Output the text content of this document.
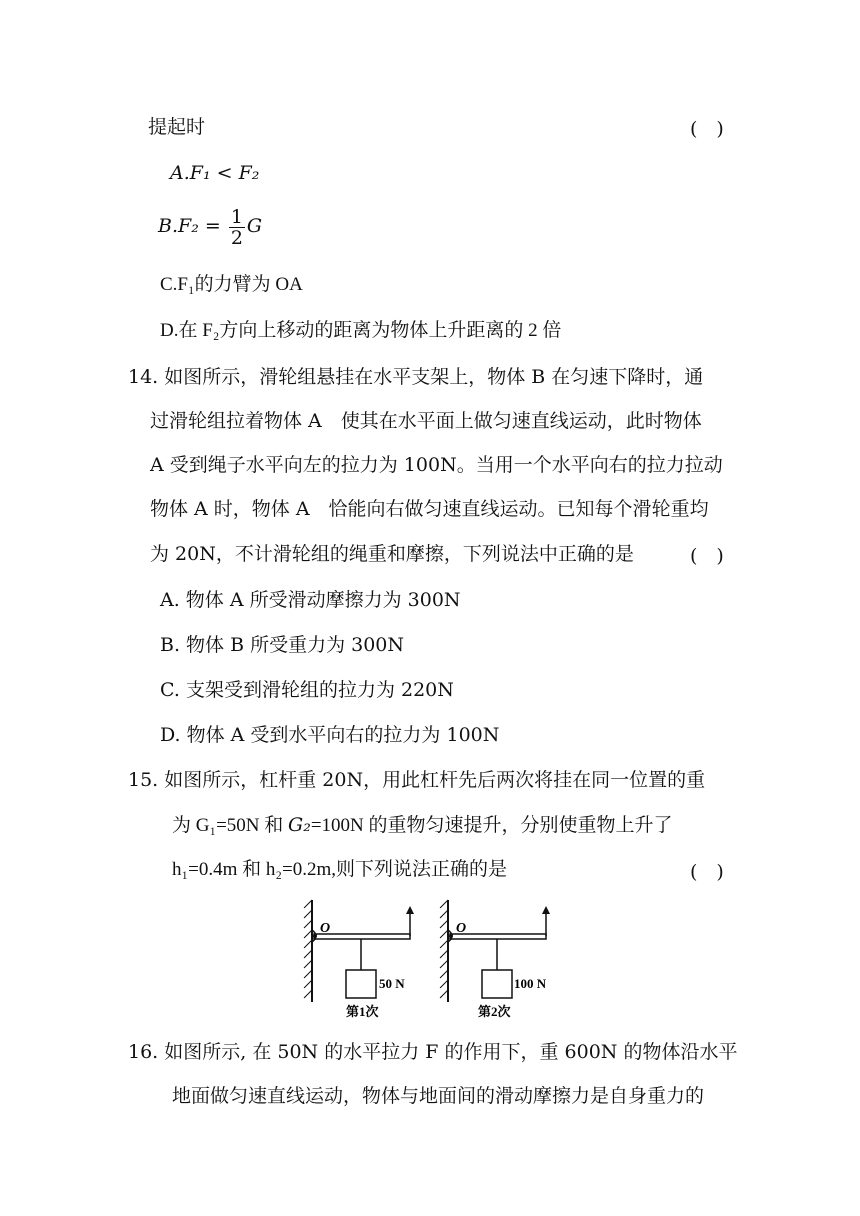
提起时	(　)
A.F₁ < F₂
$B.F_2 = \frac{1}{2}$ G
C.F₁的力臂为 OA
D.在 F₂方向上移动的距离为物体上升距离的 2 倍
14. 如图所示，滑轮组悬挂在水平支架上，物体 B 在匀速下降时，通
过滑轮组拉着物体 A　使其在水平面上做匀速直线运动，此时物体
A 受到绳子水平向左的拉力为 100N。当用一个水平向右的拉力拉动
物体 A 时，物体 A　恰能向右做匀速直线运动。已知每个滑轮重均
为 20N，不计滑轮组的绳重和摩擦，下列说法中正确的是	(　)
A. 物体 A 所受滑动摩擦力为 300N
B. 物体 B 所受重力为 300N
C. 支架受到滑轮组的拉力为 220N
D. 物体 A 受到水平向右的拉力为 100N
15. 如图所示，杠杆重 20N，用此杠杆先后两次将挂在同一位置的重
为 G₁=50N 和 G₂=100N 的重物匀速提升，分别使重物上升了
h₁=0.4m 和 h₂=0.2m,则下列说法正确的是	(　)
O
50 N
第1次
O
100 N
第2次
16. 如图所示, 在 50N 的水平拉力 F 的作用下，重 600N 的物体沿水平
地面做匀速直线运动，物体与地面间的滑动摩擦力是自身重力的
